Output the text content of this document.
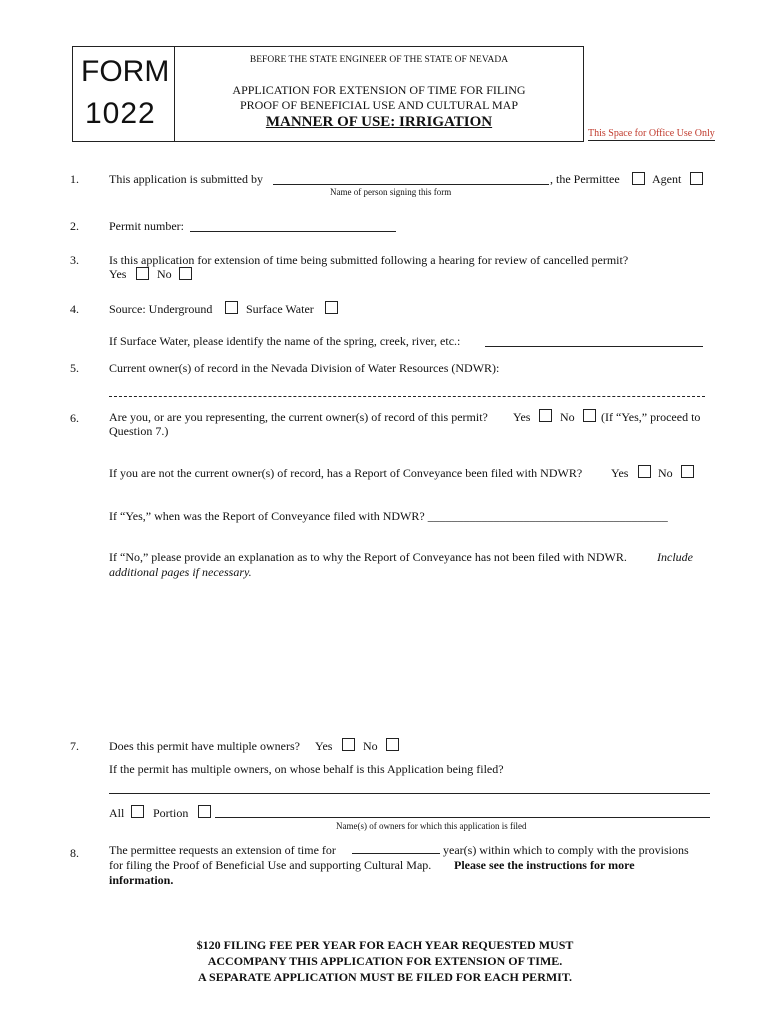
FORM
1022
BEFORE THE STATE ENGINEER OF THE STATE OF NEVADA
APPLICATION FOR EXTENSION OF TIME FOR FILING
PROOF OF BENEFICIAL USE AND CULTURAL MAP
MANNER OF USE: IRRIGATION
This Space for Office Use Only
1.	This application is submitted by	, the Permittee	Agent
Name of person signing this form
2.	Permit number:
3.	Is this application for extension of time being submitted following a hearing for review of cancelled permit?
Yes	No
4.	Source: Underground	Surface Water
If Surface Water, please identify the name of the spring, creek, river, etc.:
5.	Current owner(s) of record in the Nevada Division of Water Resources (NDWR):
6.	Are you, or are you representing, the current owner(s) of record of this permit? Yes No (If “Yes,” proceed to
Question 7.)
If you are not the current owner(s) of record, has a Report of Conveyance been filed with NDWR? Yes No
If “Yes,” when was the Report of Conveyance filed with NDWR? ________________________________________
If “No,” please provide an explanation as to why the Report of Conveyance has not been filed with NDWR.	Include
additional pages if necessary.
7.	Does this permit have multiple owners? Yes	No
If the permit has multiple owners, on whose behalf is this Application being filed?
All Portion
Name(s) of owners for which this application is filed
8.	The permittee requests an extension of time for	year(s) within which to comply with the provisions
for filing the Proof of Beneficial Use and supporting Cultural Map. Please see the instructions for more
information.
$120 FILING FEE PER YEAR FOR EACH YEAR REQUESTED MUST
ACCOMPANY THIS APPLICATION FOR EXTENSION OF TIME.
A SEPARATE APPLICATION MUST BE FILED FOR EACH PERMIT.
